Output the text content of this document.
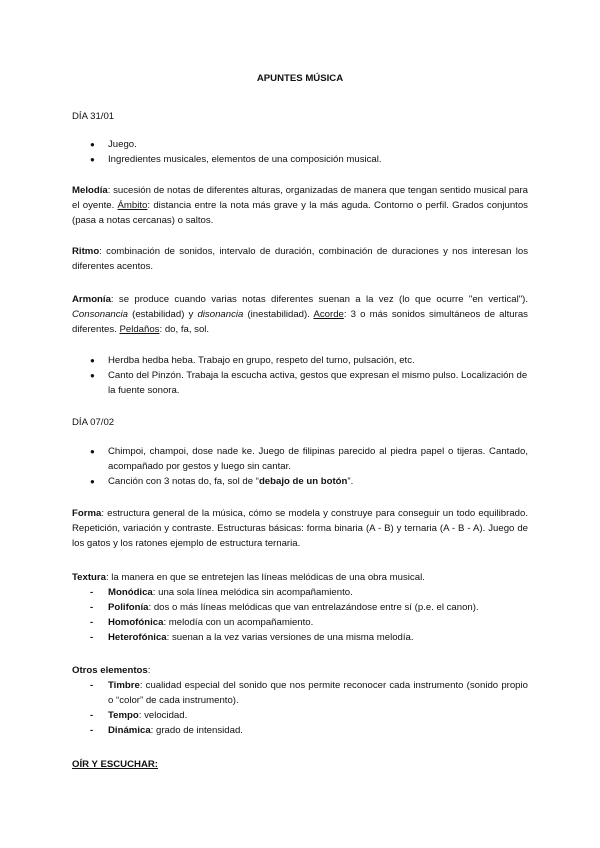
APUNTES MÚSICA
DÍA 31/01
● Juego.
● Ingredientes musicales, elementos de una composición musical.
Melodía: sucesión de notas de diferentes alturas, organizadas de manera que tengan sentido musical para el oyente. Ámbito: distancia entre la nota más grave y la más aguda. Contorno o perfil. Grados conjuntos (pasa a notas cercanas) o saltos.
Ritmo: combinación de sonidos, intervalo de duración, combinación de duraciones y nos interesan los diferentes acentos.
Armonía: se produce cuando varias notas diferentes suenan a la vez (lo que ocurre "en vertical"). Consonancia (estabilidad) y disonancia (inestabilidad). Acorde: 3 o más sonidos simultáneos de alturas diferentes. Peldaños: do, fa, sol.
● Herdba hedba heba. Trabajo en grupo, respeto del turno, pulsación, etc.
● Canto del Pinzón. Trabaja la escucha activa, gestos que expresan el mismo pulso. Localización de la fuente sonora.
DÍA 07/02
● Chimpoi, champoi, dose nade ke. Juego de filipinas parecido al piedra papel o tijeras. Cantado, acompañado por gestos y luego sin cantar.
● Canción con 3 notas do, fa, sol de “debajo de un botón”.
Forma: estructura general de la música, cómo se modela y construye para conseguir un todo equilibrado. Repetición, variación y contraste. Estructuras básicas: forma binaria (A - B) y ternaria (A - B - A). Juego de los gatos y los ratones ejemplo de estructura ternaria.
Textura: la manera en que se entretejen las líneas melódicas de una obra musical.
- Monódica: una sola línea melódica sin acompañamiento.
- Polifonía: dos o más líneas melódicas que van entrelazándose entre sí (p.e. el canon).
- Homofónica: melodía con un acompañamiento.
- Heterofónica: suenan a la vez varias versiones de una misma melodía.
Otros elementos:
- Timbre: cualidad especial del sonido que nos permite reconocer cada instrumento (sonido propio o “color” de cada instrumento).
- Tempo: velocidad.
- Dinámica: grado de intensidad.
OÍR Y ESCUCHAR:
